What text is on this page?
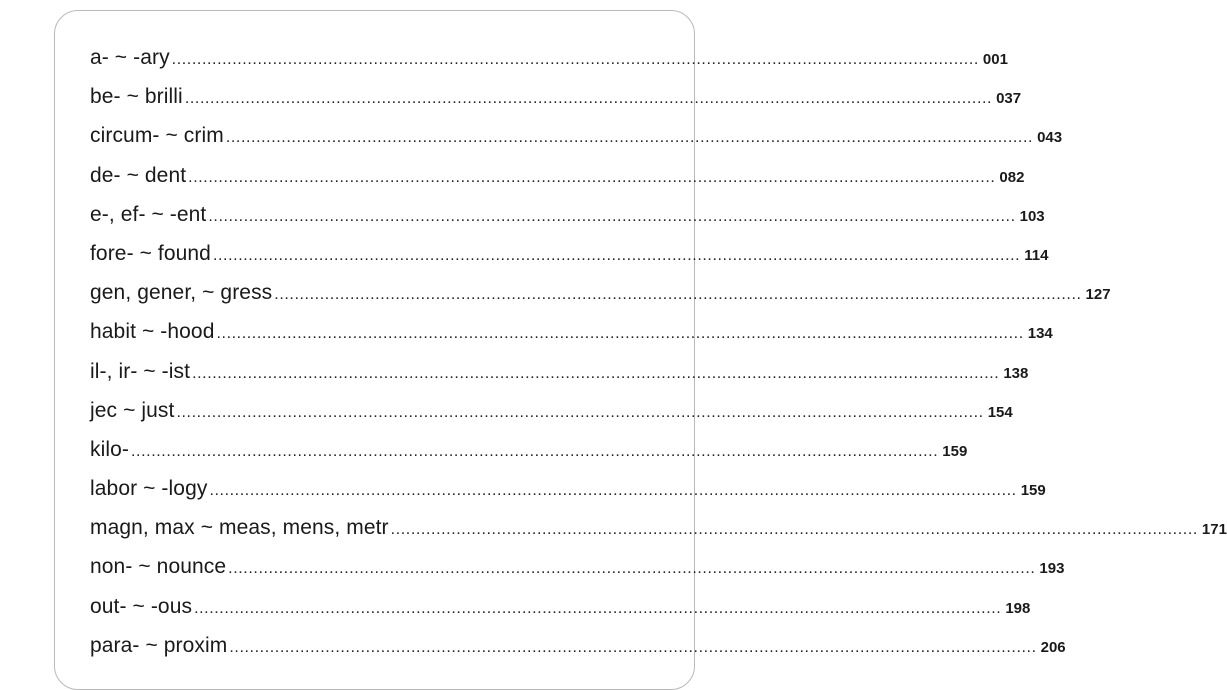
a- ~ -ary ................................................................................................................................................................ 001
be- ~ brilli ................................................................................................................................................................ 037
circum- ~ crim ................................................................................................................................................................ 043
de- ~ dent ................................................................................................................................................................ 082
e-, ef- ~ -ent ................................................................................................................................................................ 103
fore- ~ found ................................................................................................................................................................ 114
gen, gener, ~ gress ................................................................................................................................................................ 127
habit ~ -hood ................................................................................................................................................................ 134
il-, ir- ~ -ist ................................................................................................................................................................ 138
jec ~ just ................................................................................................................................................................ 154
kilo- ................................................................................................................................................................ 159
labor ~ -logy ................................................................................................................................................................ 159
magn, max ~ meas, mens, metr ................................................................................................................................................................ 171
non- ~ nounce ................................................................................................................................................................ 193
out- ~ -ous ................................................................................................................................................................ 198
para- ~ proxim ................................................................................................................................................................ 206
